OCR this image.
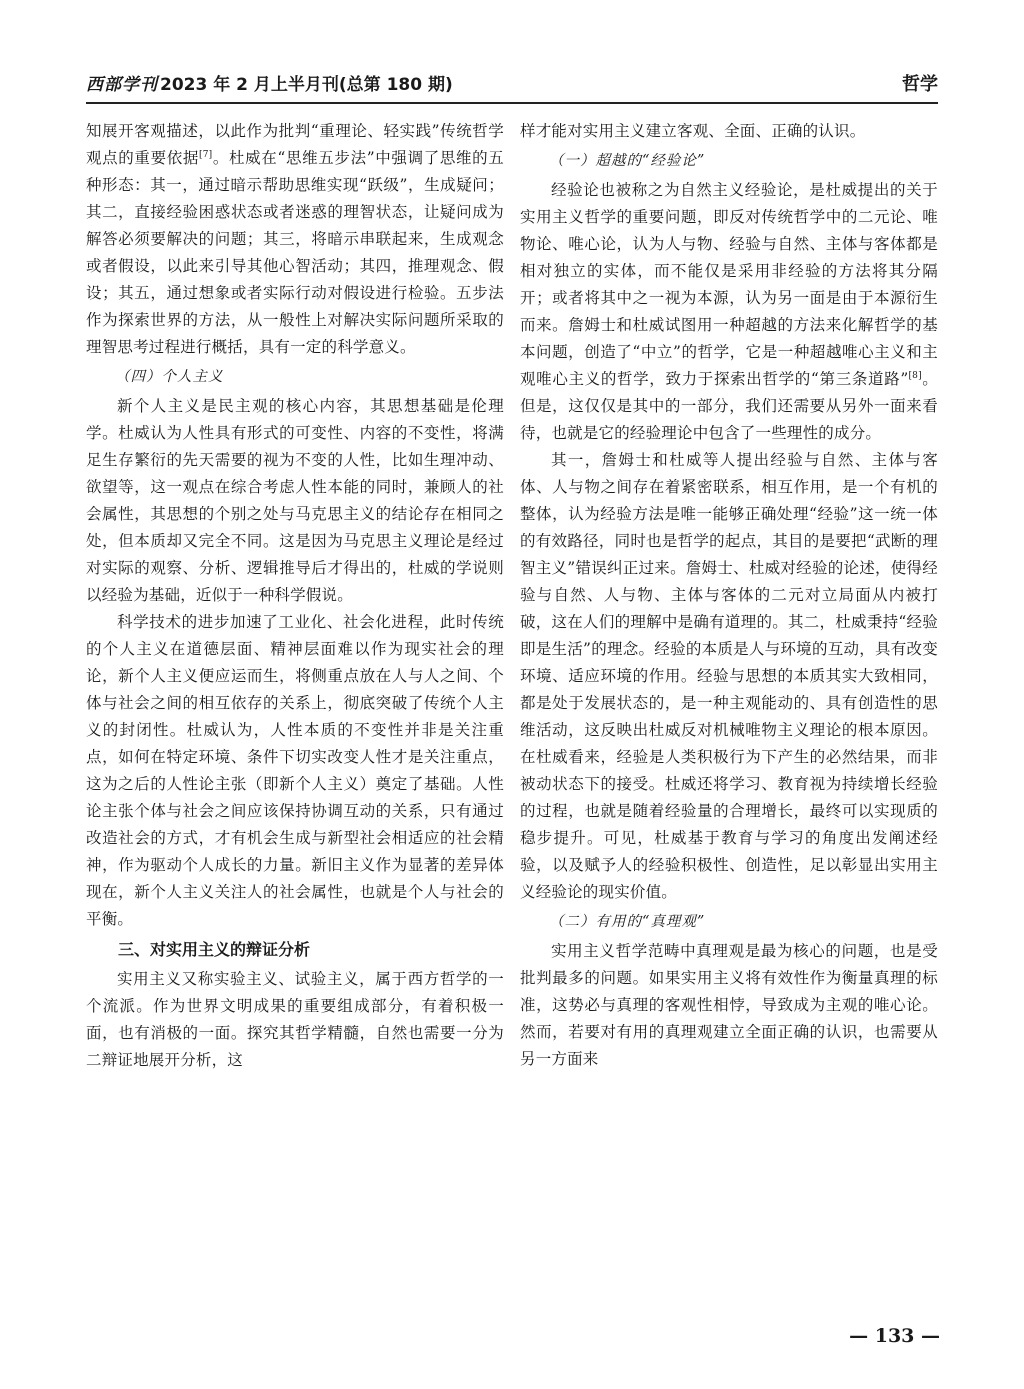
西部学刊 2023 年 2 月上半月刊(总第 180 期)	哲学

知展开客观描述，以此作为批判“重理论、轻实践”传统哲学观点的重要依据[7]。杜威在“思维五步法”中强调了思维的五种形态：其一，通过暗示帮助思维实现“跃级”，生成疑问；其二，直接经验困惑状态或者迷惑的理智状态，让疑问成为解答必须要解决的问题；其三，将暗示串联起来，生成观念或者假设，以此来引导其他心智活动；其四，推理观念、假设；其五，通过想象或者实际行动对假设进行检验。五步法作为探索世界的方法，从一般性上对解决实际问题所采取的理智思考过程进行概括，具有一定的科学意义。

（四）个人主义

新个人主义是民主观的核心内容，其思想基础是伦理学。杜威认为人性具有形式的可变性、内容的不变性，将满足生存繁衍的先天需要的视为不变的人性，比如生理冲动、欲望等，这一观点在综合考虑人性本能的同时，兼顾人的社会属性，其思想的个别之处与马克思主义的结论存在相同之处，但本质却又完全不同。这是因为马克思主义理论是经过对实际的观察、分析、逻辑推导后才得出的，杜威的学说则以经验为基础，近似于一种科学假说。

科学技术的进步加速了工业化、社会化进程，此时传统的个人主义在道德层面、精神层面难以作为现实社会的理论，新个人主义便应运而生，将侧重点放在人与人之间、个体与社会之间的相互依存的关系上，彻底突破了传统个人主义的封闭性。杜威认为，人性本质的不变性并非是关注重点，如何在特定环境、条件下切实改变人性才是关注重点，这为之后的人性论主张（即新个人主义）奠定了基础。人性论主张个体与社会之间应该保持协调互动的关系，只有通过改造社会的方式，才有机会生成与新型社会相适应的社会精神，作为驱动个人成长的力量。新旧主义作为显著的差异体现在，新个人主义关注人的社会属性，也就是个人与社会的平衡。

三、对实用主义的辩证分析

实用主义又称实验主义、试验主义，属于西方哲学的一个流派。作为世界文明成果的重要组成部分，有着积极一面，也有消极的一面。探究其哲学精髓，自然也需要一分为二辩证地展开分析，这

样才能对实用主义建立客观、全面、正确的认识。

（一）超越的“经验论”

经验论也被称之为自然主义经验论，是杜威提出的关于实用主义哲学的重要问题，即反对传统哲学中的二元论、唯物论、唯心论，认为人与物、经验与自然、主体与客体都是相对独立的实体，而不能仅是采用非经验的方法将其分隔开；或者将其中之一视为本源，认为另一面是由于本源衍生而来。詹姆士和杜威试图用一种超越的方法来化解哲学的基本问题，创造了“中立”的哲学，它是一种超越唯心主义和主观唯心主义的哲学，致力于探索出哲学的“第三条道路”[8]。但是，这仅仅是其中的一部分，我们还需要从另外一面来看待，也就是它的经验理论中包含了一些理性的成分。

其一，詹姆士和杜威等人提出经验与自然、主体与客体、人与物之间存在着紧密联系，相互作用，是一个有机的整体，认为经验方法是唯一能够正确处理“经验”这一统一体的有效路径，同时也是哲学的起点，其目的是要把“武断的理智主义”错误纠正过来。詹姆士、杜威对经验的论述，使得经验与自然、人与物、主体与客体的二元对立局面从内被打破，这在人们的理解中是确有道理的。其二，杜威秉持“经验即是生活”的理念。经验的本质是人与环境的互动，具有改变环境、适应环境的作用。经验与思想的本质其实大致相同，都是处于发展状态的，是一种主观能动的、具有创造性的思维活动，这反映出杜威反对机械唯物主义理论的根本原因。在杜威看来，经验是人类积极行为下产生的必然结果，而非被动状态下的接受。杜威还将学习、教育视为持续增长经验的过程，也就是随着经验量的合理增长，最终可以实现质的稳步提升。可见，杜威基于教育与学习的角度出发阐述经验，以及赋予人的经验积极性、创造性，足以彰显出实用主义经验论的现实价值。

（二）有用的“真理观”

实用主义哲学范畴中真理观是最为核心的问题，也是受批判最多的问题。如果实用主义将有效性作为衡量真理的标准，这势必与真理的客观性相悖，导致成为主观的唯心论。然而，若要对有用的真理观建立全面正确的认识，也需要从另一方面来

— 133 —
